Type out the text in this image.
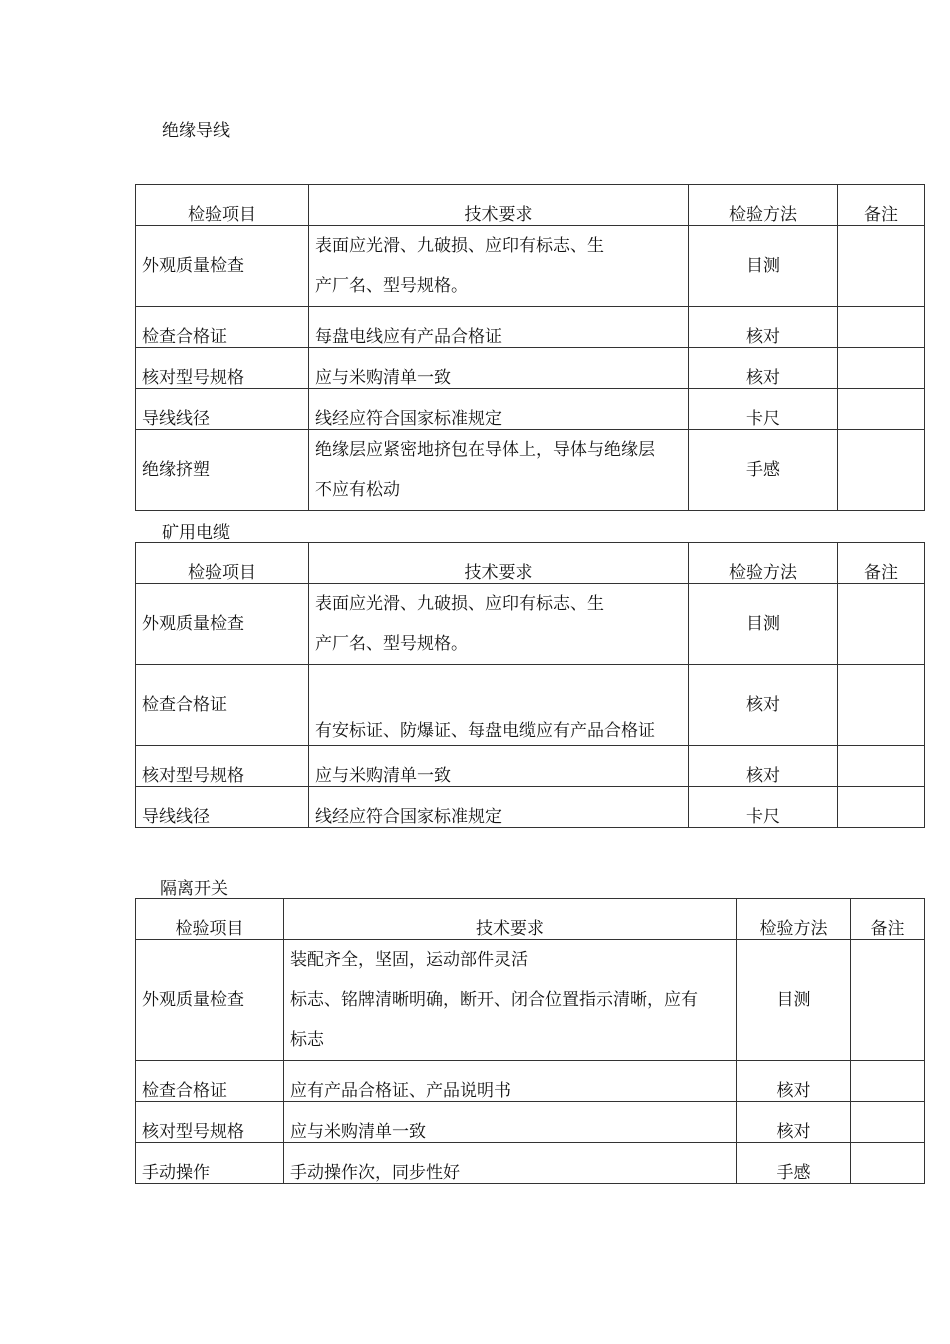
绝缘导线
检验项目	技术要求	检验方法	备注
外观质量检查	表面应光滑、九破损、应印有标志、生
产厂名、型号规格。	目测	
检查合格证	每盘电线应有产品合格证	核对	
核对型号规格	应与米购清单一致	核对	
导线线径	线经应符合国家标准规定	卡尺	
绝缘挤塑	绝缘层应紧密地挤包在导体上，导体与绝缘层
不应有松动	手感	
矿用电缆
检验项目	技术要求	检验方法	备注
外观质量检查	表面应光滑、九破损、应印有标志、生
产厂名、型号规格。	目测	
检查合格证	有安标证、防爆证、每盘电缆应有产品合格证	核对	
核对型号规格	应与米购清单一致	核对	
导线线径	线经应符合国家标准规定	卡尺	
隔离开关
检验项目	技术要求	检验方法	备注
外观质量检查	装配齐全，坚固，运动部件灵活
标志、铭牌清晰明确，断开、闭合位置指示清晰，应有
标志	目测	
检查合格证	应有产品合格证、产品说明书	核对	
核对型号规格	应与米购清单一致	核对	
手动操作	手动操作次，同步性好	手感	
